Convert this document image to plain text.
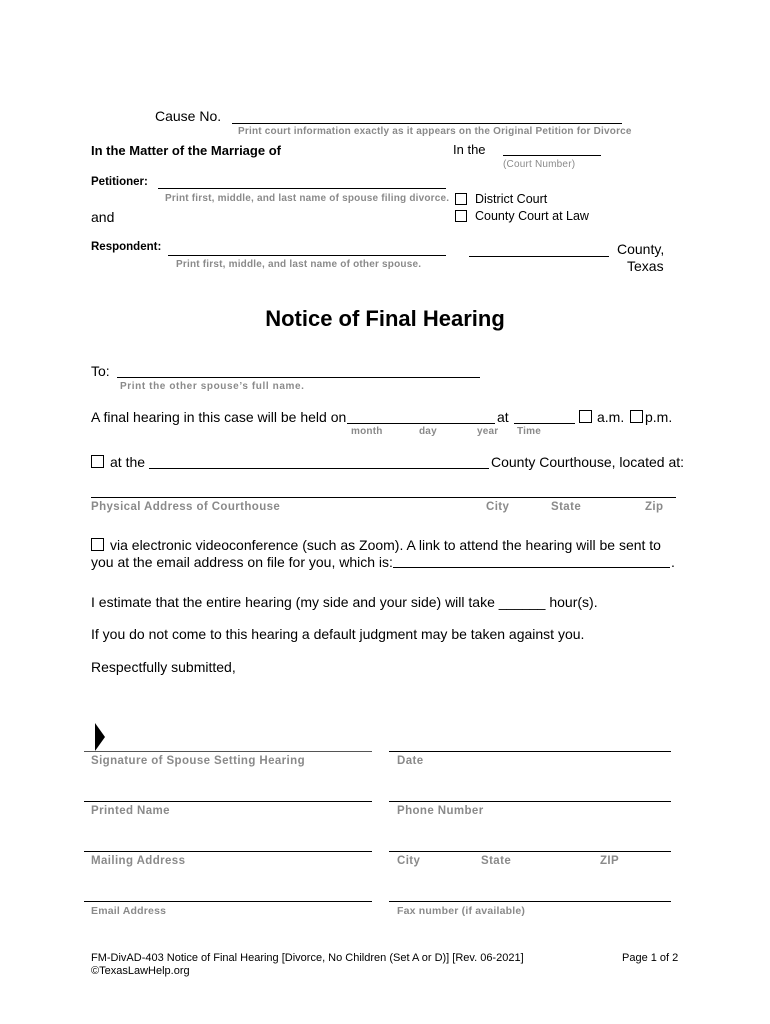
Cause No.
Print court information exactly as it appears on the Original Petition for Divorce
In the Matter of the Marriage of	In the
(Court Number)
Petitioner:
Print first, middle, and last name of spouse filing divorce. District Court
County Court at Law
and
Respondent:
Print first, middle, and last name of other spouse.
County,
Texas
Notice of Final Hearing
To:
Print the other spouse’s full name.
A final hearing in this case will be held on	at	a.m. p.m.
month	day	year Time
at the	County Courthouse, located at:
Physical Address of Courthouse	City	State	Zip
via electronic videoconference (such as Zoom). A link to attend the hearing will be sent to
you at the email address on file for you, which is:	.
I estimate that the entire hearing (my side and your side) will take ______ hour(s).
If you do not come to this hearing a default judgment may be taken against you.
Respectfully submitted,
Signature of Spouse Setting Hearing	Date
Printed Name	Phone Number
Mailing Address	City	State	ZIP
Email Address	Fax number (if available)
FM-DivAD-403 Notice of Final Hearing [Divorce, No Children (Set A or D)] [Rev. 06-2021]
©TexasLawHelp.org
Page 1 of 2
